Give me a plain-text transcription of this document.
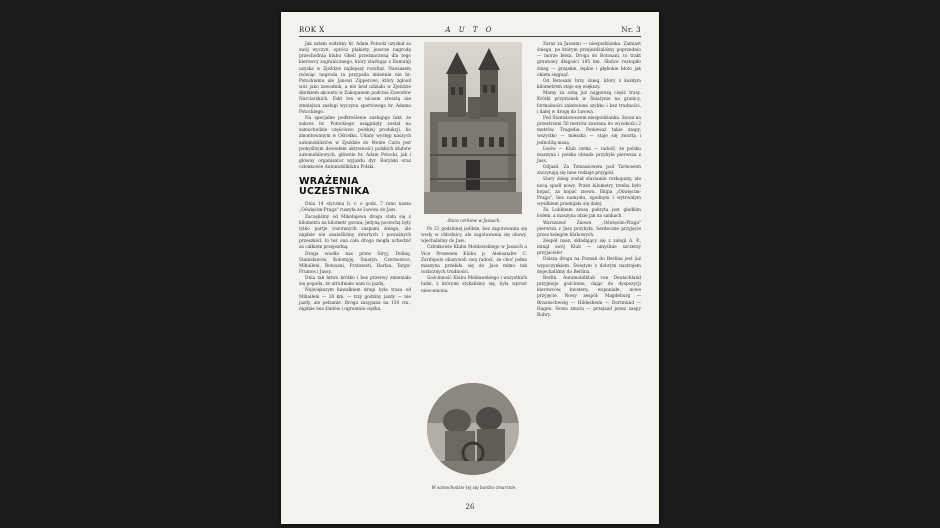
ROK X	A U T O	Nr. 3

Jak zatem widzimy hr. Adam Potocki uzyskał za swój wyczyn, oprócz plakiety, jeszcze nagrodę przechodnią klubu Gheli przeznaczoną dla tego kierowcy zagranicznego, który startując z Rumunji uzyska w Zjeździe najlepszy rezultat. Nawiasem mówiąc nagroda ta przypada imiennie nie hr. Potockiemu ale Janowi Zipperowi, który zgłosił wóz jako zawodnik, a nie brał udziału w Zjeździe skutkiem akcentu w Zakopanem podczas Zawodów Narciarskich. Fakt ten w niczem zresztą nie zmniejsza zasługi wyczynu sportowego hr. Adama Potockiego.

Na specjalne podkreślenie zasługuje fakt, że sukces hr. Potockiego osiągnięty został na samochodzie częściowo polskiej produkcji, bo zmontowanym w Ośrodku. Udany występ naszych automobilistów w Zjeździe do Monte Carlo jest pomyślnym dowodem aktywności polskich klubów automobilowych, głównie hr. Adam Potocki, jak i główny organizator wyjazdu dyr. Barylski oraz członkowie Automobilklubu Polski.

WRAŻENIA UCZESTNIKA

Dnia 14 stycznia b. r. o godz. 7 rano nasza „Oświęcim-Praga" ruszyła ze Lwowa do Jass.

Zaczęliśmy od Mikołajewa droga stała się z kilometra na kilometr gorsza; jedyną pociechą były tylko partje rozoranych zaspami śniegu, ale nigdzie nie znaleźliśmy zwartych i poważnych przeszkód, to też ona cała droga mogła uchodzić za całkiem przejezdną.

Droga wiodła nas przez Stryj, Dolinę, Stanisławów, Kołomyję, Śniatyn, Czernowice, Mihaileni, Botosani, Fratutesti, Harlau, Targu-Frumos i Jassy.

Dnia tak łatwo krótko i bez przerwy zmieniała się pogoda, że utrudniało nam to jazdę.

Największym kawałkiem drogi była trasa od Mihaileni — 18 km. — trzy godziny jazdy — nie jazdy, ale pełzanie. Droga zasypana na 150 cm., nigdzie bez śladów i ogromnie ciężka.

Stara cerkiew w Jassach.

Po 21 godzinnej jeździe, bez zagotowania się wody w chłodnicy, ale zagotowania się obawy, wjechaliśmy do Jass.

Członkowie Klubu Mołdawskiego w Jassach a Vice Prezesem Klubu p. Aleksandre C. Zarifopolo okazywali swą radość, że choć jedna maszyna przebiła się do Jass mimo tak rozlicznych trudności.

Gościnność Klubu Mołdawskiego i wszystkich ludzi, z którymi stykaliśmy się, była wprost nieoceniona.

W samochodzie tej się bardzo zmarznie.

Zaraz za Jassami — niespodzianka. Zamiast śniegu, po którym przejeżdżaliśmy poprzednio — morze błota. Droga do Botosani, to trakt gruntowy długości 185 km. Słońce roztopiło śnieg — grząskie, lepkie i głębokie błoto jak okiem sięgnąć.

Od Botosani brzy śnieg, który z każdym kilometrem staje się większy.

Mamy za sobą już najgorszą część trasy. Krótki przystanek w Śniatynie na granicy, formalności załatwione szybko i bez trudności, i dalej w drogę do Lwowa.

Pod Stanisławowem niespodzianka. Szosa na przestrzeni 50 metrów zawiana do wysokości 2 metrów. Tragedia. Ponieważ takie zaspy, wszystko — mieszka — staje się zwartą i jednolitą masą.

Lwów — Klub czeka — radość, że polska maszyna i polska obsada przybyła pierwsza z Jass.

Odjazd. Za Tomaszowem pod Tarnowem zaczynają się inne rodzaje przygód.

Stary śnieg został starannie rozkopany, ale nocą spadł nowy. Przez kilometry trzeba było kopać, za kopać znowu. Ekipa „Oświęcim-Praga", bez namysłu, zgodnym i wytrwałym wysiłkiem przebijała się dalej.

Za Lublinem szosa pokryta jest gładkim lodem, a maszyna idzie jak na sankach.

Warszawa! Znowu „Oświęcim-Praga" pierwsza z Jass przybyła. Serdeczne przyjęcie przez kolegów klubowych.

Zespół nasz, składający się z załogi A. P., minął swój Klub — umyślnie szczerzy przyjaciele!

Dalsza droga na Poznań do Berlina jest już wypoczynkiem. Świętym z dobrym nastrojem dojechaliśmy do Berlina.

Berlin. Automobilklub von Deutschland przyjmuje gościnnie, dając do dyspozycji kierowców, kwaterę, wspaniałe, nowe przyjęcie. Nowy zespół: Magdeburg — Braunschweig — Hildesheim — Dortmund — Hagen. Nowa zmora — przejazd przez zaspy Ruhry.

26
